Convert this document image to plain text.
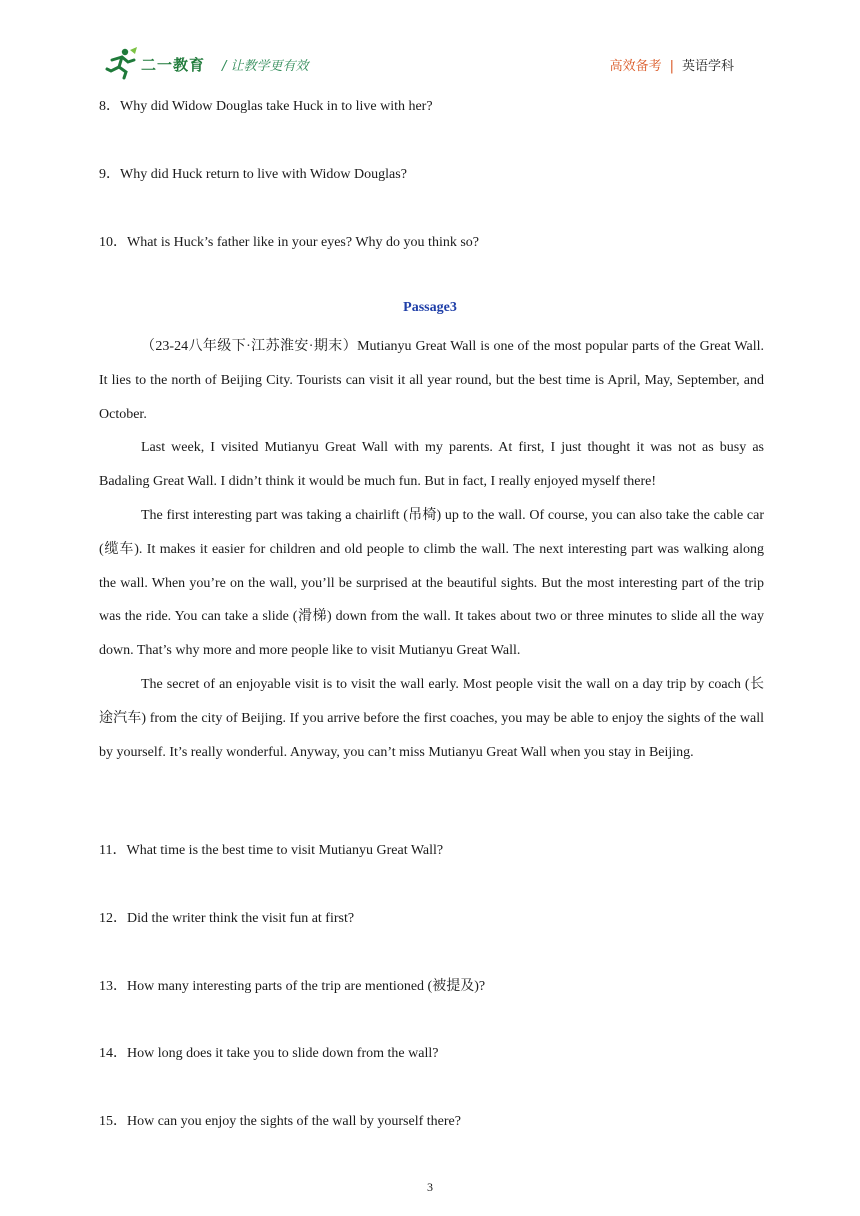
二一教育 / 让教学更有效	高效备考 | 英语学科
8．Why did Widow Douglas take Huck in to live with her?
9．Why did Huck return to live with Widow Douglas?
10．What is Huck’s father like in your eyes? Why do you think so?
Passage3

（23-24八年级下·江苏淮安·期末）Mutianyu Great Wall is one of the most popular parts of the Great Wall. It lies to the north of Beijing City. Tourists can visit it all year round, but the best time is April, May, September, and October.

Last week, I visited Mutianyu Great Wall with my parents. At first, I just thought it was not as busy as Badaling Great Wall. I didn’t think it would be much fun. But in fact, I really enjoyed myself there!

The first interesting part was taking a chairlift (吊椅) up to the wall. Of course, you can also take the cable car (缆车). It makes it easier for children and old people to climb the wall. The next interesting part was walking along the wall. When you’re on the wall, you’ll be surprised at the beautiful sights. But the most interesting part of the trip was the ride. You can take a slide (滑梯) down from the wall. It takes about two or three minutes to slide all the way down. That’s why more and more people like to visit Mutianyu Great Wall.

The secret of an enjoyable visit is to visit the wall early. Most people visit the wall on a day trip by coach (长途汽车) from the city of Beijing. If you arrive before the first coaches, you may be able to enjoy the sights of the wall by yourself. It’s really wonderful. Anyway, you can’t miss Mutianyu Great Wall when you stay in Beijing.

11．What time is the best time to visit Mutianyu Great Wall?
12．Did the writer think the visit fun at first?
13．How many interesting parts of the trip are mentioned (被提及)?
14．How long does it take you to slide down from the wall?
15．How can you enjoy the sights of the wall by yourself there?
3
